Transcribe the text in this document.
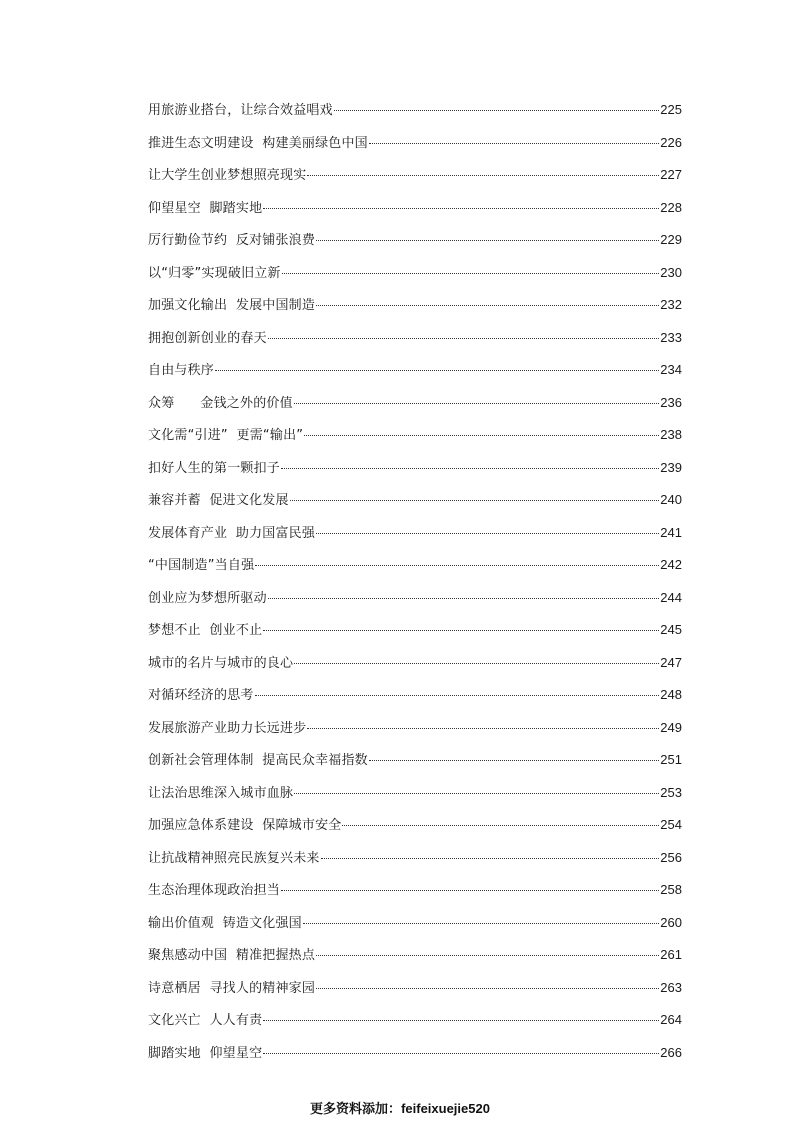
用旅游业搭台，让综合效益唱戏	225
推进生态文明建设  构建美丽绿色中国	226
让大学生创业梦想照亮现实	227
仰望星空  脚踏实地	228
厉行勤俭节约  反对铺张浪费	229
以“归零”实现破旧立新	230
加强文化输出  发展中国制造	232
拥抱创新创业的春天	233
自由与秩序	234
众筹      金钱之外的价值	236
文化需“引进”  更需“输出”	238
扣好人生的第一颗扣子	239
兼容并蓄  促进文化发展	240
发展体育产业  助力国富民强	241
“中国制造”当自强	242
创业应为梦想所驱动	244
梦想不止  创业不止	245
城市的名片与城市的良心	247
对循环经济的思考	248
发展旅游产业助力长远进步	249
创新社会管理体制  提高民众幸福指数	251
让法治思维深入城市血脉	253
加强应急体系建设  保障城市安全	254
让抗战精神照亮民族复兴未来	256
生态治理体现政治担当	258
输出价值观  铸造文化强国	260
聚焦感动中国  精准把握热点	261
诗意栖居  寻找人的精神家园	263
文化兴亡  人人有责	264
脚踏实地  仰望星空	266
更多资料添加：feifeixuejie520
